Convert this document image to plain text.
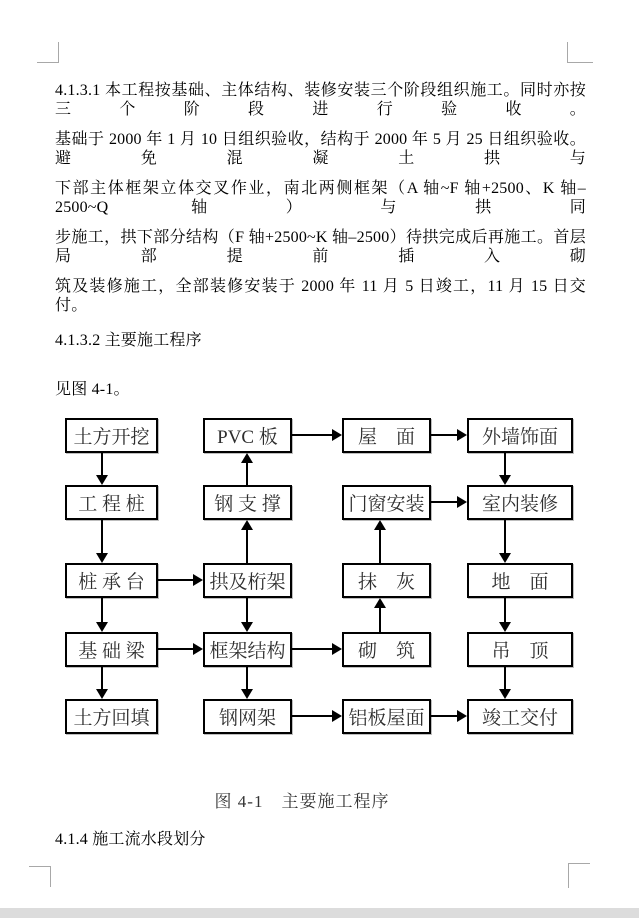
4.1.3.1 本工程按基础、主体结构、装修安装三个阶段组织施工。同时亦按三个阶段进行验收。
基础于 2000 年 1 月 10 日组织验收，结构于 2000 年 5 月 25 日组织验收。避免混凝土拱与
下部主体框架立体交叉作业，南北两侧框架（A 轴~F 轴+2500、K 轴–2500~Q 轴）与拱同
步施工，拱下部分结构（F 轴+2500~K 轴–2500）待拱完成后再施工。首层局部提前插入砌
筑及装修施工，全部装修安装于 2000 年 11 月 5 日竣工，11 月 15 日交付。
4.1.3.2 主要施工程序
见图 4-1。
土方开挖	PVC 板	屋　面	外墙饰面
工 程 桩	钢 支 撑	门窗安装	室内装修
桩 承 台	拱及桁架	抹　灰	地　面
基 础 梁	框架结构	砌　筑	吊　顶
土方回填	钢网架	铝板屋面	竣工交付
图 4-1　主要施工程序
4.1.4 施工流水段划分
